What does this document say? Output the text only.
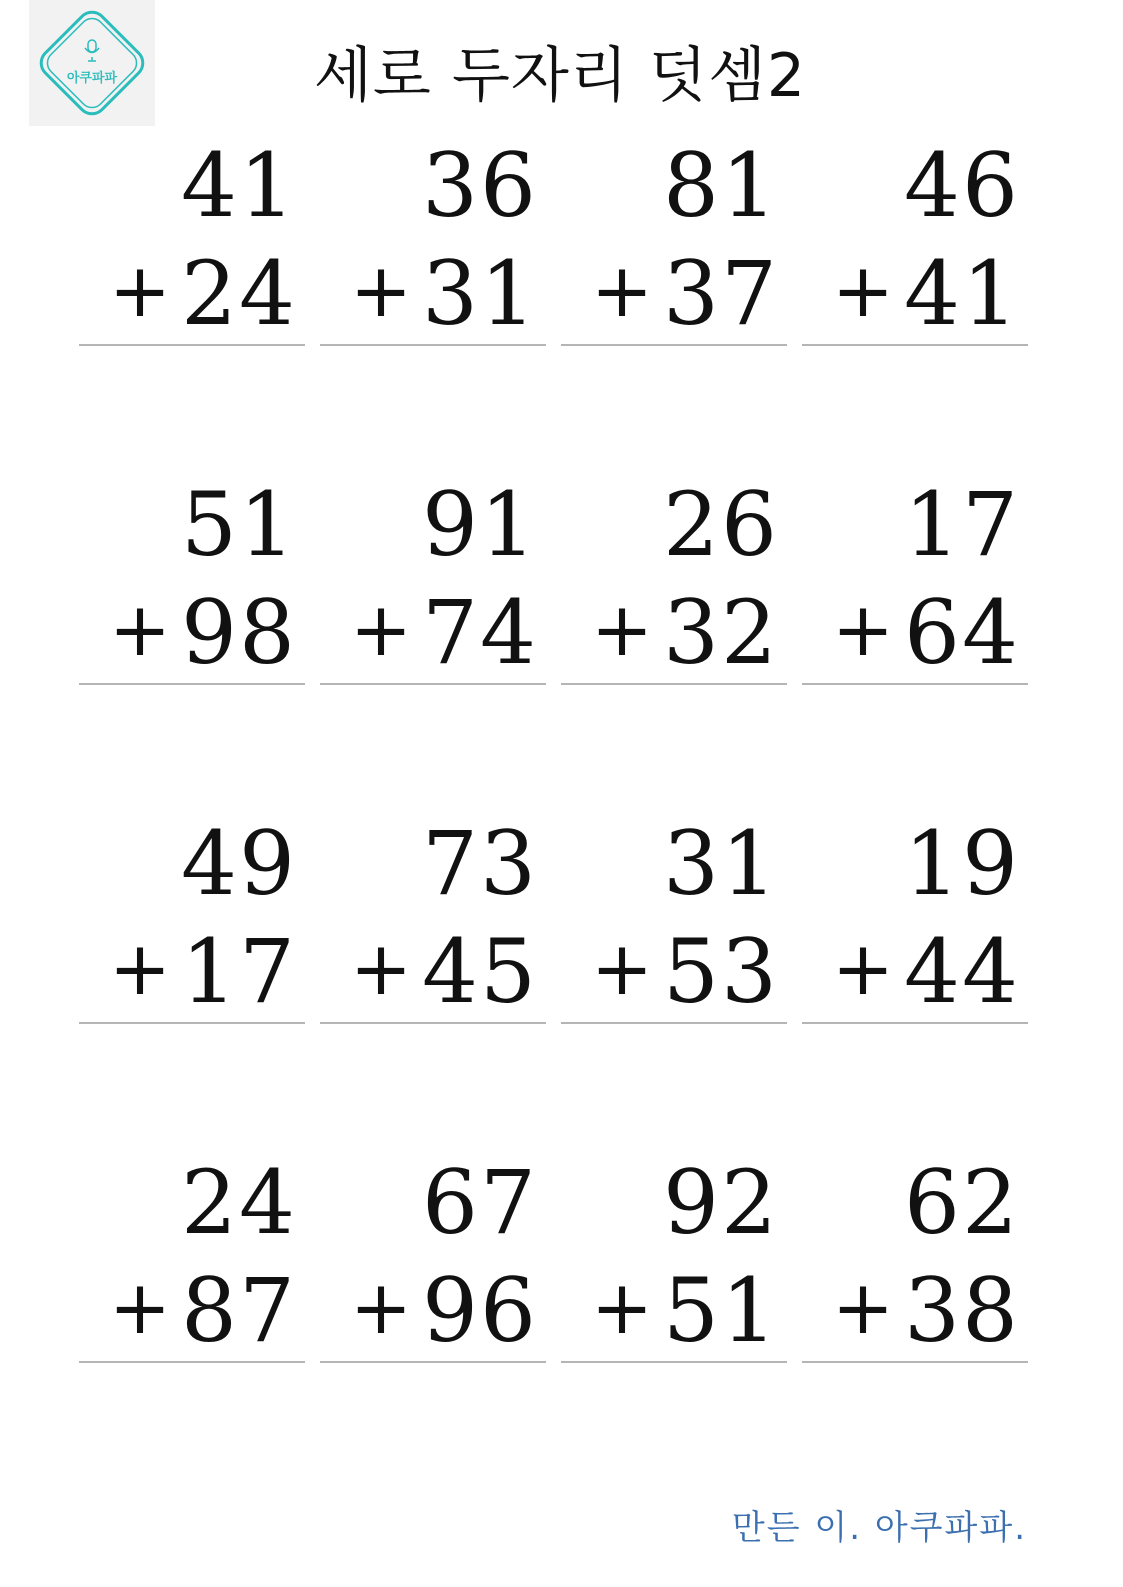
아쿠파파	세로 두자리 덧셈2
41
+ 24
36
+ 31
81
+ 37
46
+ 41
51
+ 98
91
+ 74
26
+ 32
17
+ 64
49
+ 17
73
+ 45
31
+ 53
19
+ 44
24
+ 87
67
+ 96
92
+ 51
62
+ 38
만든 이. 아쿠파파.
